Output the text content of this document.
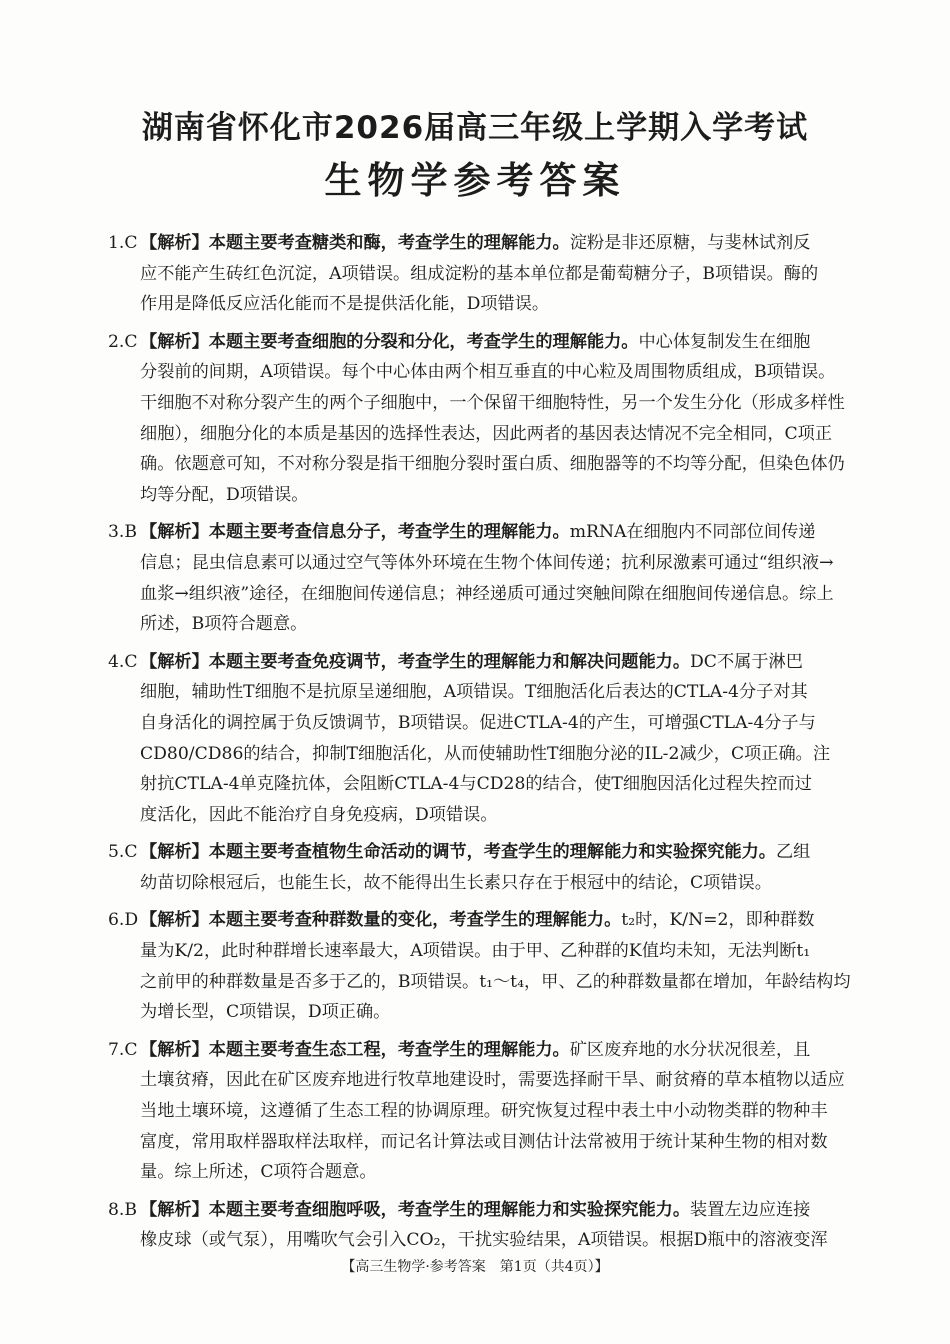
湖南省怀化市2026届高三年级上学期入学考试
生物学参考答案
1.C 【解析】本题主要考查糖类和酶，考查学生的理解能力。淀粉是非还原糖，与斐林试剂反
应不能产生砖红色沉淀，A项错误。组成淀粉的基本单位都是葡萄糖分子，B项错误。酶的
作用是降低反应活化能而不是提供活化能，D项错误。
2.C 【解析】本题主要考查细胞的分裂和分化，考查学生的理解能力。中心体复制发生在细胞
分裂前的间期，A项错误。每个中心体由两个相互垂直的中心粒及周围物质组成，B项错误。
干细胞不对称分裂产生的两个子细胞中，一个保留干细胞特性，另一个发生分化（形成多样性
细胞），细胞分化的本质是基因的选择性表达，因此两者的基因表达情况不完全相同，C项正
确。依题意可知，不对称分裂是指干细胞分裂时蛋白质、细胞器等的不均等分配，但染色体仍
均等分配，D项错误。
3.B 【解析】本题主要考查信息分子，考查学生的理解能力。mRNA在细胞内不同部位间传递
信息；昆虫信息素可以通过空气等体外环境在生物个体间传递；抗利尿激素可通过“组织液→
血浆→组织液”途径，在细胞间传递信息；神经递质可通过突触间隙在细胞间传递信息。综上
所述，B项符合题意。
4.C 【解析】本题主要考查免疫调节，考查学生的理解能力和解决问题能力。DC不属于淋巴
细胞，辅助性T细胞不是抗原呈递细胞，A项错误。T细胞活化后表达的CTLA-4分子对其
自身活化的调控属于负反馈调节，B项错误。促进CTLA-4的产生，可增强CTLA-4分子与
CD80/CD86的结合，抑制T细胞活化，从而使辅助性T细胞分泌的IL-2减少，C项正确。注
射抗CTLA-4单克隆抗体，会阻断CTLA-4与CD28的结合，使T细胞因活化过程失控而过
度活化，因此不能治疗自身免疫病，D项错误。
5.C 【解析】本题主要考查植物生命活动的调节，考查学生的理解能力和实验探究能力。乙组
幼苗切除根冠后，也能生长，故不能得出生长素只存在于根冠中的结论，C项错误。
6.D 【解析】本题主要考查种群数量的变化，考查学生的理解能力。t₂时，K/N=2，即种群数
量为K/2，此时种群增长速率最大，A项错误。由于甲、乙种群的K值均未知，无法判断t₁
之前甲的种群数量是否多于乙的，B项错误。t₁～t₄，甲、乙的种群数量都在增加，年龄结构均
为增长型，C项错误，D项正确。
7.C 【解析】本题主要考查生态工程，考查学生的理解能力。矿区废弃地的水分状况很差，且
土壤贫瘠，因此在矿区废弃地进行牧草地建设时，需要选择耐干旱、耐贫瘠的草本植物以适应
当地土壤环境，这遵循了生态工程的协调原理。研究恢复过程中表土中小动物类群的物种丰
富度，常用取样器取样法取样，而记名计算法或目测估计法常被用于统计某种生物的相对数
量。综上所述，C项符合题意。
8.B 【解析】本题主要考查细胞呼吸，考查学生的理解能力和实验探究能力。装置左边应连接
橡皮球（或气泵），用嘴吹气会引入CO₂，干扰实验结果，A项错误。根据D瓶中的溶液变浑
【高三生物学·参考答案　第1页（共4页）】
